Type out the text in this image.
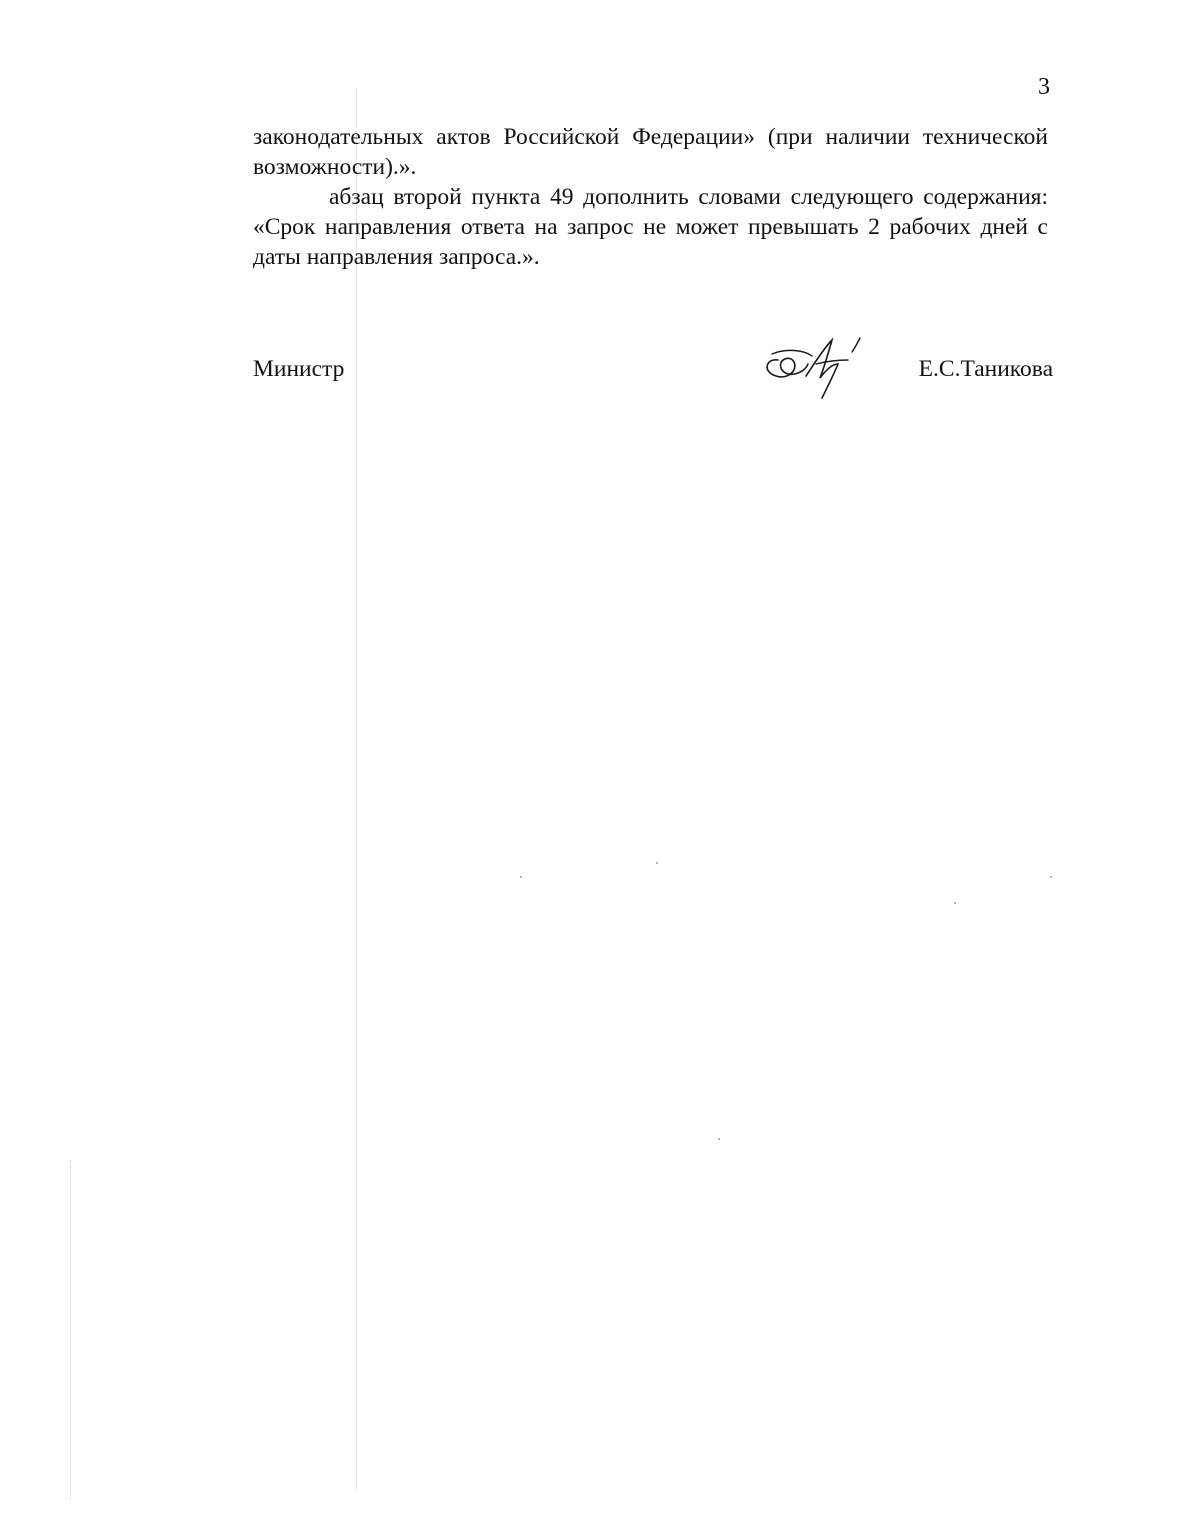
3

законодательных актов Российской Федерации» (при наличии технической возможности).».

абзац второй пункта 49 дополнить словами следующего содержания: «Срок направления ответа на запрос не может превышать 2 рабочих дней с даты направления запроса.».

Министр	Е.С.Таникова
